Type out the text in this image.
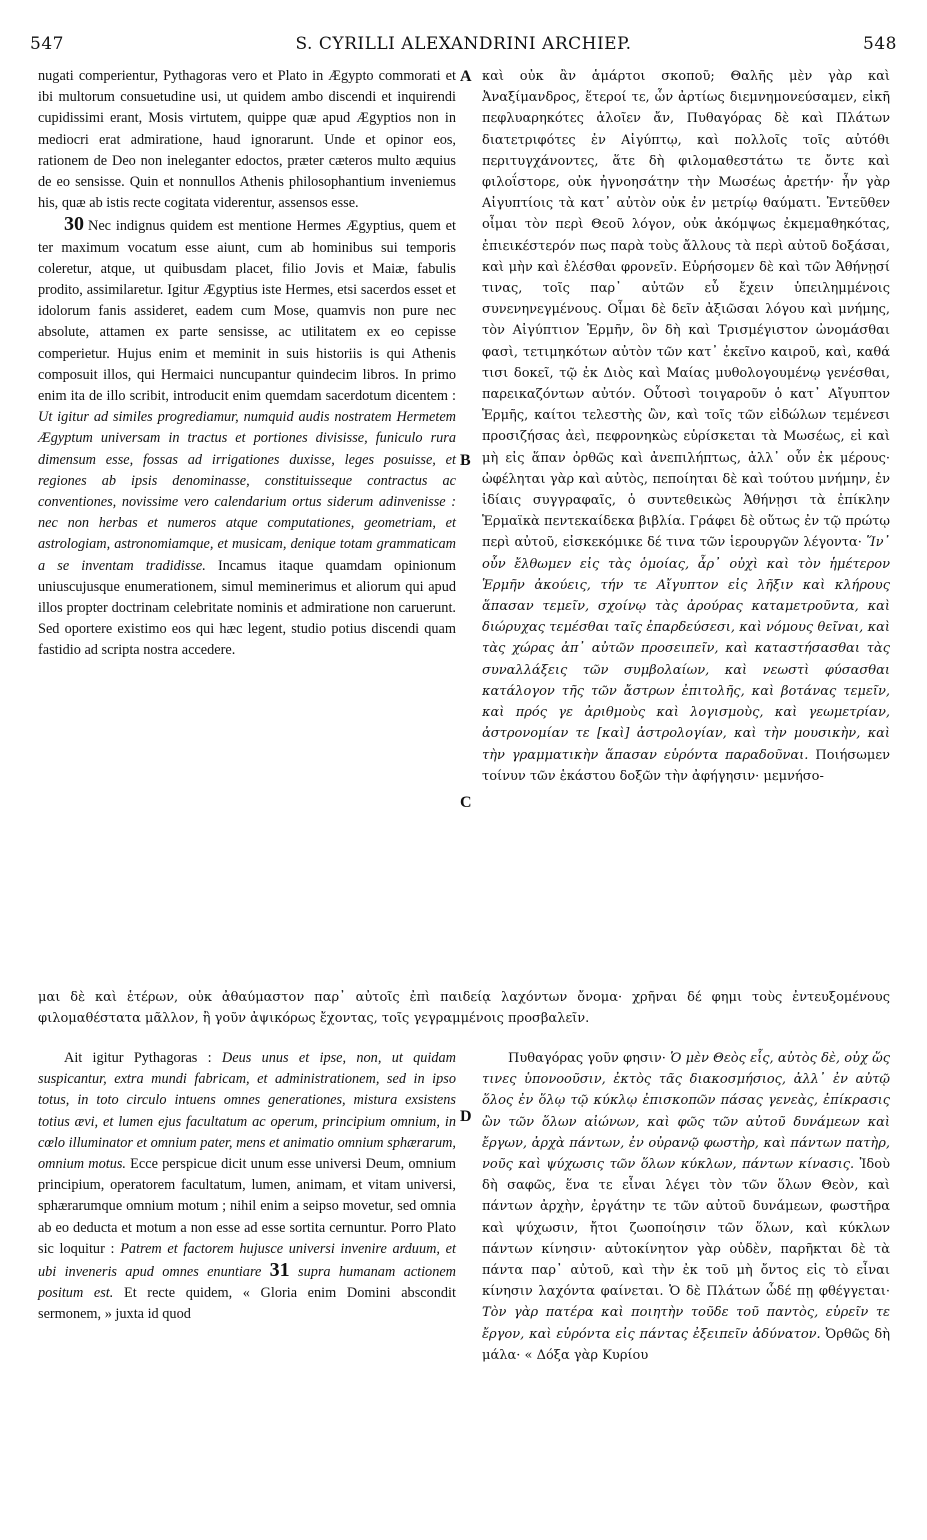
547	S. CYRILLI ALEXANDRINI ARCHIEP.	548
A
B
C
D

nugati comperientur, Pythagoras vero et Plato in Ægypto commorati et ibi multorum consuetudine usi, ut quidem ambo discendi et inquirendi cupidissimi erant, Mosis virtutem, quippe quæ apud Ægyptios non in mediocri erat admiratione, haud ignorarunt. Unde et opinor eos, rationem de Deo non ineleganter edoctos, præter cæteros multo æquius de eo sensisse. Quin et nonnullos Athenis philosophantium inveniemus his, quæ ab istis recte cogitata viderentur, assensos esse.

30 Nec indignus quidem est mentione Hermes Ægyptius, quem et ter maximum vocatum esse aiunt, cum ab hominibus sui temporis coleretur, atque, ut quibusdam placet, filio Jovis et Maiæ, fabulis prodito, assimilaretur. Igitur Ægyptius iste Hermes, etsi sacerdos esset et idolorum fanis assideret, eadem cum Mose, quamvis non pure nec absolute, attamen ex parte sensisse, ac utilitatem ex eo cepisse comperietur. Hujus enim et meminit in suis historiis is qui Athenis composuit illos, qui Hermaici nuncupantur quindecim libros. In primo enim ita de illo scribit, introducit enim quemdam sacerdotum dicentem : Ut igitur ad similes progrediamur, numquid audis nostratem Hermetem Ægyptum universam in tractus et portiones divisisse, funiculo rura dimensum esse, fossas ad irrigationes duxisse, leges posuisse, et regiones ab ipsis denominasse, constituisseque contractus ac conventiones, novissime vero calendarium ortus siderum adinvenisse : nec non herbas et numeros atque computationes, geometriam, et astrologiam, astronomiamque, et musicam, denique totam grammaticam a se inventam tradidisse. Incamus itaque quamdam opinionum uniuscujusque enumerationem, simul meminerimus et aliorum qui apud illos propter doctrinam celebritate nominis et admiratione non caruerunt. Sed oportere existimo eos qui hæc legent, studio potius discendi quam fastidio ad scripta nostra accedere.

καὶ οὐκ ἂν ἁμάρτοι σκοποῦ; Θαλῆς μὲν γὰρ καὶ Ἀναξίμανδρος, ἕτεροί τε, ὧν ἀρτίως διεμνημονεύσαμεν, εἰκῆ πεφλυαρηκότες ἁλοῖεν ἄν, Πυθαγόρας δὲ καὶ Πλάτων διατετριφότες ἐν Αἰγύπτῳ, καὶ πολλοῖς τοῖς αὐτόθι περιτυγχάνοντες, ἅτε δὴ φιλομαθεστάτω τε ὄντε καὶ φιλοΐστορε, οὐκ ἠγνοησάτην τὴν Μωσέως ἀρετήν· ἦν γὰρ Αἰγυπτίοις τὰ κατ᾽ αὐτὸν οὐκ ἐν μετρίῳ θαύματι. Ἐντεῦθεν οἶμαι τὸν περὶ Θεοῦ λόγον, οὐκ ἀκόμψως ἐκμεμαθηκότας, ἐπιεικέστερόν πως παρὰ τοὺς ἄλλους τὰ περὶ αὐτοῦ δοξάσαι, καὶ μὴν καὶ ἑλέσθαι φρονεῖν. Εὑρήσομεν δὲ καὶ τῶν Ἀθήνῃσί τινας, τοῖς παρ᾽ αὐτῶν εὖ ἔχειν ὑπειλημμένοις συνενηνεγμένους. Οἶμαι δὲ δεῖν ἀξιῶσαι λόγου καὶ μνήμης, τὸν Αἰγύπτιον Ἑρμῆν, ὃν δὴ καὶ Τρισμέγιστον ὠνομάσθαι φασὶ, τετιμηκότων αὐτὸν τῶν κατ᾽ ἐκεῖνο καιροῦ, καὶ, καθά τισι δοκεῖ, τῷ ἐκ Διὸς καὶ Μαίας μυθολογουμένῳ γενέσθαι, παρεικαζόντων αὐτόν. Οὗτοσὶ τοιγαροῦν ὁ κατ᾽ Αἴγυπτον Ἑρμῆς, καίτοι τελεστὴς ὢν, καὶ τοῖς τῶν εἰδώλων τεμένεσι προσιζήσας ἀεὶ, πεφρονηκὼς εὑρίσκεται τὰ Μωσέως, εἰ καὶ μὴ εἰς ἅπαν ὀρθῶς καὶ ἀνεπιλήπτως, ἀλλ᾽ οὖν ἐκ μέρους· ὠφέληται γὰρ καὶ αὐτὸς, πεποίηται δὲ καὶ τούτου μνήμην, ἐν ἰδίαις συγγραφαῖς, ὁ συντεθεικὼς Ἀθήνῃσι τὰ ἐπίκλην Ἑρμαϊκὰ πεντεκαίδεκα βιβλία. Γράφει δὲ οὕτως ἐν τῷ πρώτῳ περὶ αὐτοῦ, εἰσκεκόμικε δέ τινα τῶν ἱερουργῶν λέγοντα· Ἵν᾽ οὖν ἔλθωμεν εἰς τὰς ὁμοίας, ἆρ᾽ οὐχὶ καὶ τὸν ἡμέτερον Ἑρμῆν ἀκούεις, τήν τε Αἴγυπτον εἰς λῆξιν καὶ κλήρους ἅπασαν τεμεῖν, σχοίνῳ τὰς ἀρούρας καταμετροῦντα, καὶ διώρυχας τεμέσθαι ταῖς ἐπαρδεύσεσι, καὶ νόμους θεῖναι, καὶ τὰς χώρας ἀπ᾽ αὐτῶν προσειπεῖν, καὶ καταστήσασθαι τὰς συναλλάξεις τῶν συμβολαίων, καὶ νεωστὶ φύσασθαι κατάλογον τῆς τῶν ἄστρων ἐπιτολῆς, καὶ βοτάνας τεμεῖν, καὶ πρός γε ἀριθμοὺς καὶ λογισμοὺς, καὶ γεωμετρίαν, ἀστρονομίαν τε [καὶ] ἀστρολογίαν, καὶ τὴν μουσικὴν, καὶ τὴν γραμματικὴν ἅπασαν εὑρόντα παραδοῦναι. Ποιήσωμεν τοίνυν τῶν ἑκάστου δοξῶν τὴν ἀφήγησιν· μεμνήσο-

μαι δὲ καὶ ἑτέρων, οὐκ ἀθαύμαστον παρ᾽ αὐτοῖς ἐπὶ παιδείᾳ λαχόντων ὄνομα· χρῆναι δέ φημι τοὺς ἐντευξομένους φιλομαθέστατα μᾶλλον, ἢ γοῦν ἀψικόρως ἔχοντας, τοῖς γεγραμμένοις προσβαλεῖν.

Ait igitur Pythagoras : Deus unus et ipse, non, ut quidam suspicantur, extra mundi fabricam, et administrationem, sed in ipso totus, in toto circulo intuens omnes generationes, mistura exsistens totius ævi, et lumen ejus facultatum ac operum, principium omnium, in cœlo illuminator et omnium pater, mens et animatio omnium sphærarum, omnium motus. Ecce perspicue dicit unum esse universi Deum, omnium principium, operatorem facultatum, lumen, animam, et vitam universi, sphærarumque omnium motum ; nihil enim a seipso movetur, sed omnia ab eo deducta et motum a non esse ad esse sortita cernuntur. Porro Plato sic loquitur : Patrem et factorem hujusce universi invenire arduum, et ubi inveneris apud omnes enuntiare 31 supra humanam actionem positum est. Et recte quidem, « Gloria enim Domini abscondit sermonem, » juxta id quod

Πυθαγόρας γοῦν φησιν· Ὁ μὲν Θεὸς εἷς, αὐτὸς δὲ, οὐχ ὥς τινες ὑπονοοῦσιν, ἐκτὸς τᾶς διακοσμήσιος, ἀλλ᾽ ἐν αὐτῷ ὅλος ἐν ὅλῳ τῷ κύκλῳ ἐπισκοπῶν πάσας γενεὰς, ἐπίκρασις ὢν τῶν ὅλων αἰώνων, καὶ φῶς τῶν αὐτοῦ δυνάμεων καὶ ἔργων, ἀρχὰ πάντων, ἐν οὐρανῷ φωστὴρ, καὶ πάντων πατὴρ, νοῦς καὶ ψύχωσις τῶν ὅλων κύκλων, πάντων κίνασις. Ἰδοὺ δὴ σαφῶς, ἕνα τε εἶναι λέγει τὸν τῶν ὅλων Θεὸν, καὶ πάντων ἀρχὴν, ἐργάτην τε τῶν αὐτοῦ δυνάμεων, φωστῆρα καὶ ψύχωσιν, ἤτοι ζωοποίησιν τῶν ὅλων, καὶ κύκλων πάντων κίνησιν· αὐτοκίνητον γὰρ οὐδὲν, παρῆκται δὲ τὰ πάντα παρ᾽ αὐτοῦ, καὶ τὴν ἐκ τοῦ μὴ ὄντος εἰς τὸ εἶναι κίνησιν λαχόντα φαίνεται. Ὁ δὲ Πλάτων ὧδέ πῃ φθέγγεται· Τὸν γὰρ πατέρα καὶ ποιητὴν τοῦδε τοῦ παντὸς, εὑρεῖν τε ἔργον, καὶ εὑρόντα εἰς πάντας ἐξειπεῖν ἀδύνατον. Ὀρθῶς δὴ μάλα· « Δόξα γὰρ Κυρίου
